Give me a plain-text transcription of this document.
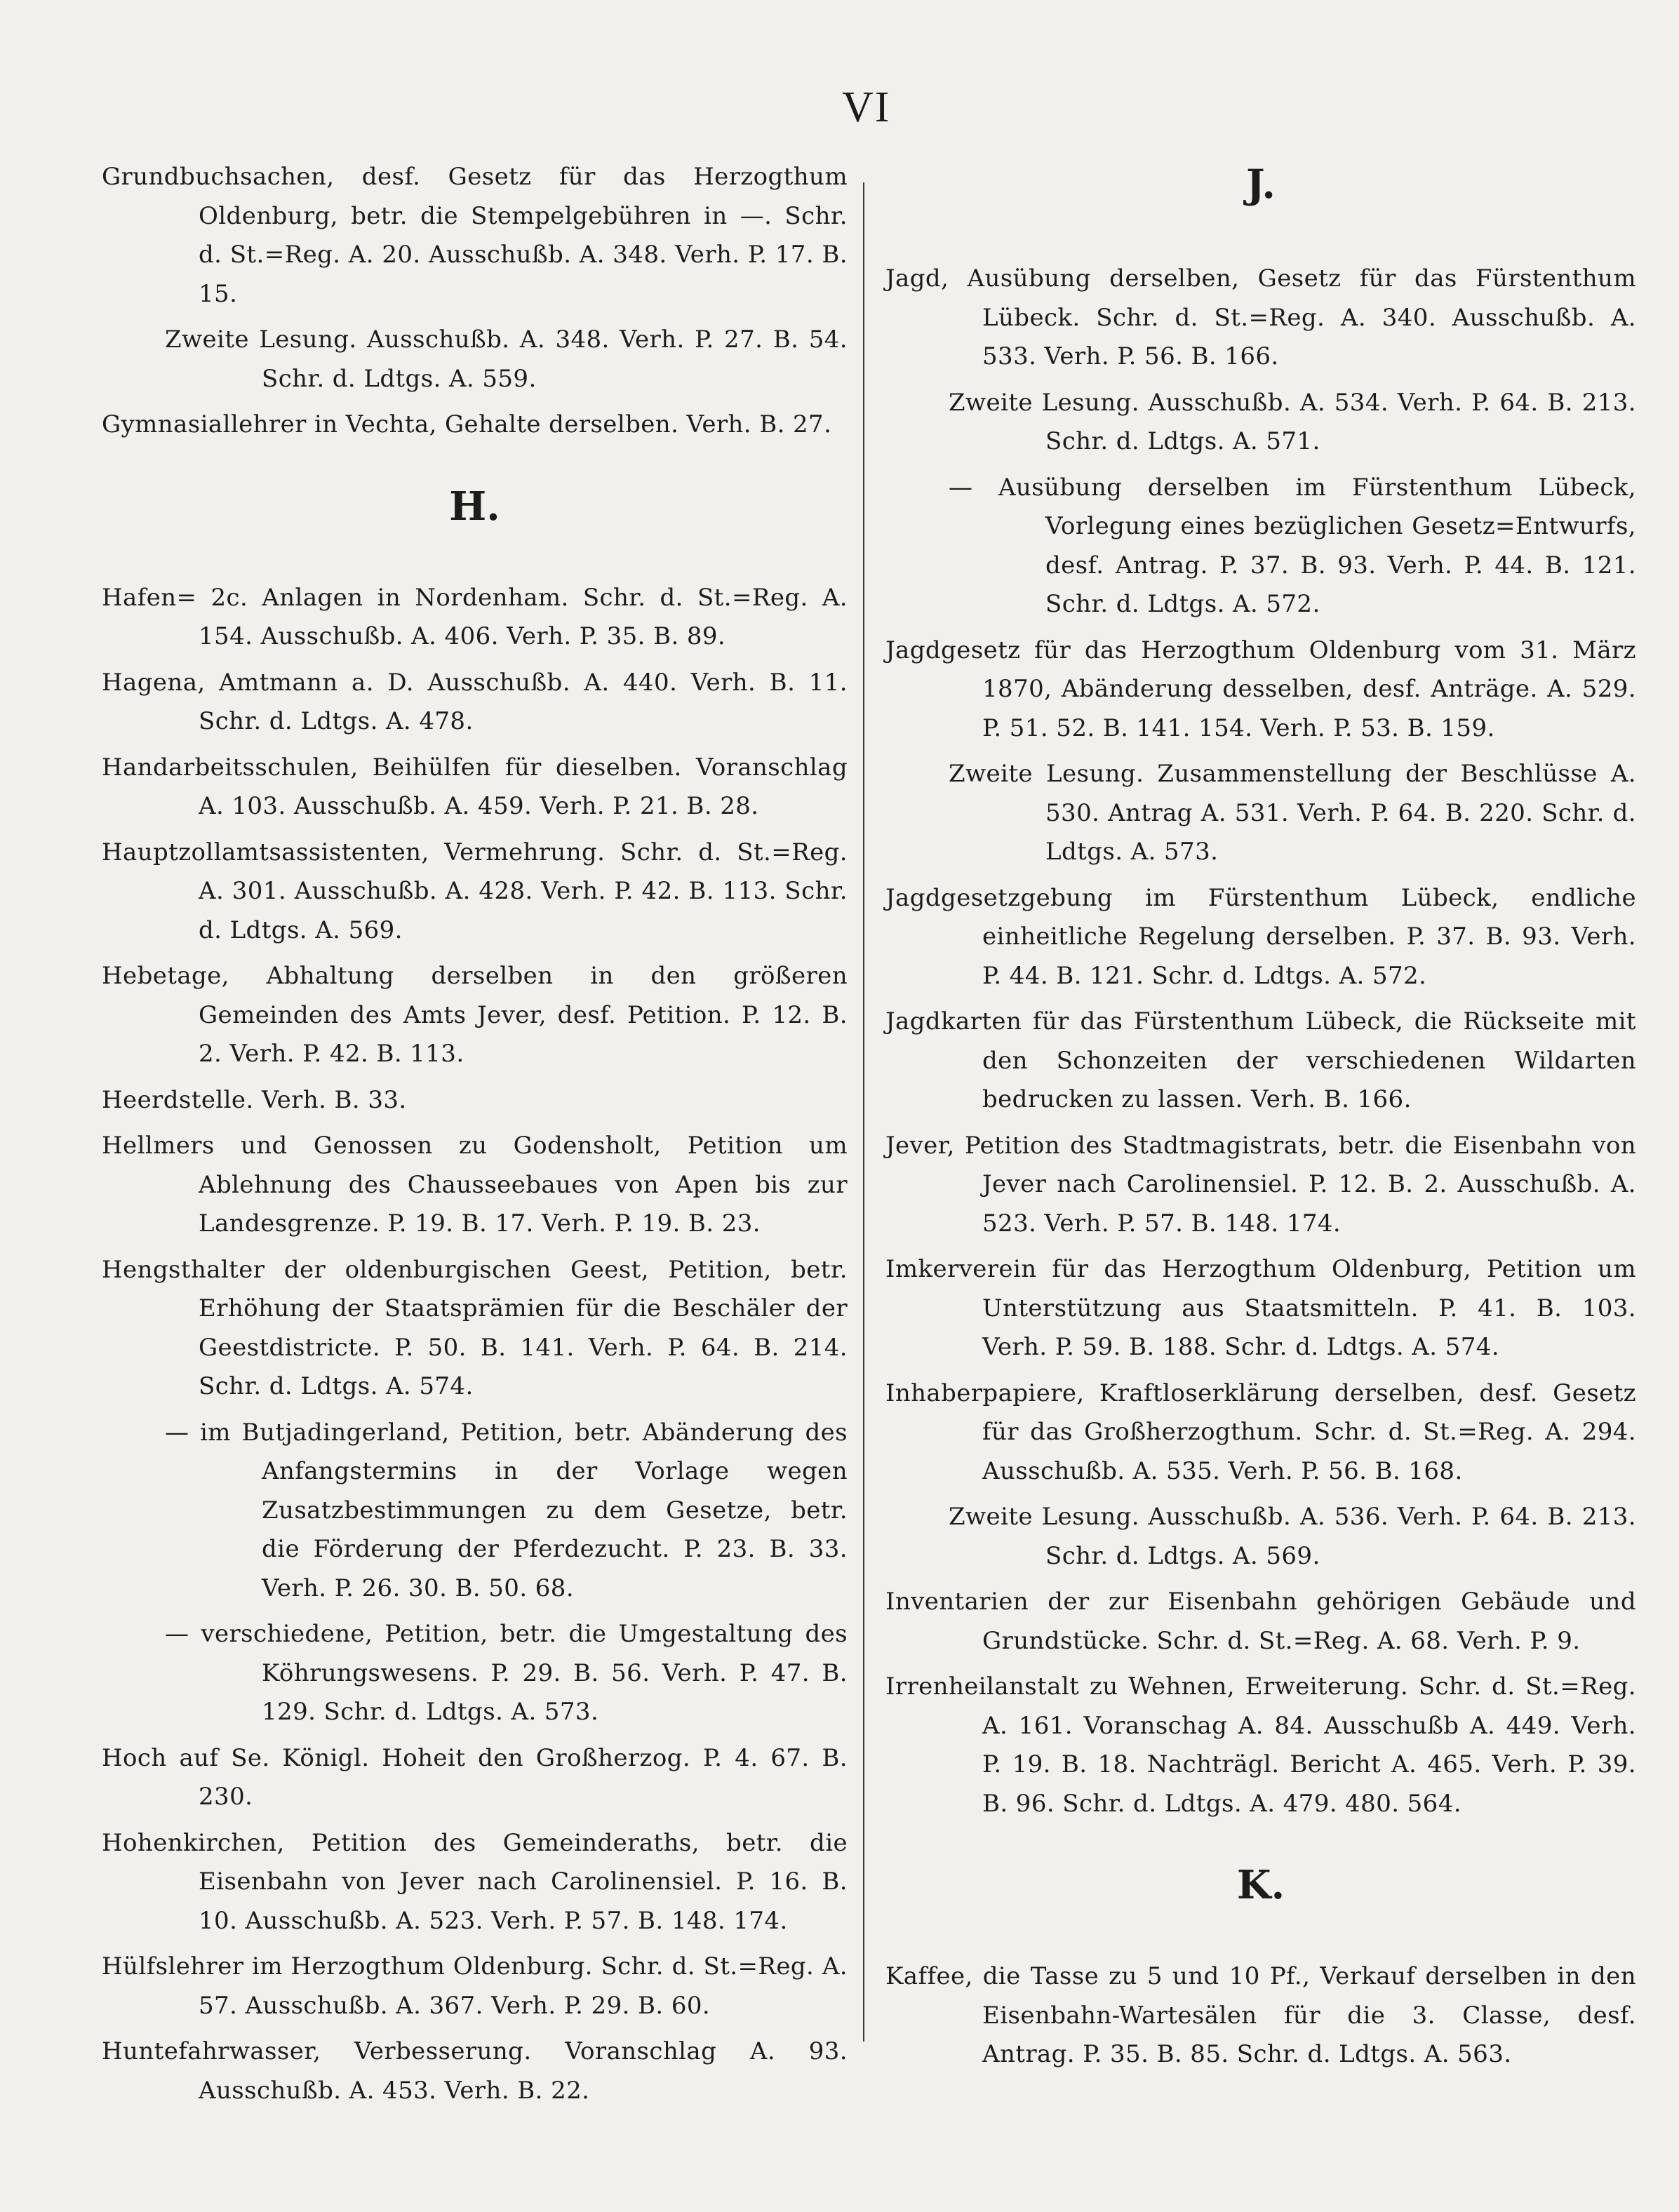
VI

Grundbuchsachen, desf. Gesetz für das Herzogthum Oldenburg, betr. die Stempelgebühren in —. Schr. d. St.=Reg. A. 20. Ausschußb. A. 348. Verh. P. 17. B. 15.

Zweite Lesung. Ausschußb. A. 348. Verh. P. 27. B. 54. Schr. d. Ldtgs. A. 559.

Gymnasiallehrer in Vechta, Gehalte derselben. Verh. B. 27.

H.

Hafen= 2c. Anlagen in Nordenham. Schr. d. St.=Reg. A. 154. Ausschußb. A. 406. Verh. P. 35. B. 89.

Hagena, Amtmann a. D. Ausschußb. A. 440. Verh. B. 11. Schr. d. Ldtgs. A. 478.

Handarbeitsschulen, Beihülfen für dieselben. Voranschlag A. 103. Ausschußb. A. 459. Verh. P. 21. B. 28.

Hauptzollamtsassistenten, Vermehrung. Schr. d. St.=Reg. A. 301. Ausschußb. A. 428. Verh. P. 42. B. 113. Schr. d. Ldtgs. A. 569.

Hebetage, Abhaltung derselben in den größeren Gemeinden des Amts Jever, desf. Petition. P. 12. B. 2. Verh. P. 42. B. 113.

Heerdstelle. Verh. B. 33.

Hellmers und Genossen zu Godensholt, Petition um Ablehnung des Chausseebaues von Apen bis zur Landesgrenze. P. 19. B. 17. Verh. P. 19. B. 23.

Hengsthalter der oldenburgischen Geest, Petition, betr. Erhöhung der Staatsprämien für die Beschäler der Geestdistricte. P. 50. B. 141. Verh. P. 64. B. 214. Schr. d. Ldtgs. A. 574.

— im Butjadingerland, Petition, betr. Abänderung des Anfangstermins in der Vorlage wegen Zusatzbestimmungen zu dem Gesetze, betr. die Förderung der Pferdezucht. P. 23. B. 33. Verh. P. 26. 30. B. 50. 68.

— verschiedene, Petition, betr. die Umgestaltung des Köhrungswesens. P. 29. B. 56. Verh. P. 47. B. 129. Schr. d. Ldtgs. A. 573.

Hoch auf Se. Königl. Hoheit den Großherzog. P. 4. 67. B. 230.

Hohenkirchen, Petition des Gemeinderaths, betr. die Eisenbahn von Jever nach Carolinensiel. P. 16. B. 10. Ausschußb. A. 523. Verh. P. 57. B. 148. 174.

Hülfslehrer im Herzogthum Oldenburg. Schr. d. St.=Reg. A. 57. Ausschußb. A. 367. Verh. P. 29. B. 60.

Huntefahrwasser, Verbesserung. Voranschlag A. 93. Ausschußb. A. 453. Verh. B. 22.

J.

Jagd, Ausübung derselben, Gesetz für das Fürstenthum Lübeck. Schr. d. St.=Reg. A. 340. Ausschußb. A. 533. Verh. P. 56. B. 166.

Zweite Lesung. Ausschußb. A. 534. Verh. P. 64. B. 213. Schr. d. Ldtgs. A. 571.

— Ausübung derselben im Fürstenthum Lübeck, Vorlegung eines bezüglichen Gesetz=Entwurfs, desf. Antrag. P. 37. B. 93. Verh. P. 44. B. 121. Schr. d. Ldtgs. A. 572.

Jagdgesetz für das Herzogthum Oldenburg vom 31. März 1870, Abänderung desselben, desf. Anträge. A. 529. P. 51. 52. B. 141. 154. Verh. P. 53. B. 159.

Zweite Lesung. Zusammenstellung der Beschlüsse A. 530. Antrag A. 531. Verh. P. 64. B. 220. Schr. d. Ldtgs. A. 573.

Jagdgesetzgebung im Fürstenthum Lübeck, endliche einheitliche Regelung derselben. P. 37. B. 93. Verh. P. 44. B. 121. Schr. d. Ldtgs. A. 572.

Jagdkarten für das Fürstenthum Lübeck, die Rückseite mit den Schonzeiten der verschiedenen Wildarten bedrucken zu lassen. Verh. B. 166.

Jever, Petition des Stadtmagistrats, betr. die Eisenbahn von Jever nach Carolinensiel. P. 12. B. 2. Ausschußb. A. 523. Verh. P. 57. B. 148. 174.

Imkerverein für das Herzogthum Oldenburg, Petition um Unterstützung aus Staatsmitteln. P. 41. B. 103. Verh. P. 59. B. 188. Schr. d. Ldtgs. A. 574.

Inhaberpapiere, Kraftloserklärung derselben, desf. Gesetz für das Großherzogthum. Schr. d. St.=Reg. A. 294. Ausschußb. A. 535. Verh. P. 56. B. 168.

Zweite Lesung. Ausschußb. A. 536. Verh. P. 64. B. 213. Schr. d. Ldtgs. A. 569.

Inventarien der zur Eisenbahn gehörigen Gebäude und Grundstücke. Schr. d. St.=Reg. A. 68. Verh. P. 9.

Irrenheilanstalt zu Wehnen, Erweiterung. Schr. d. St.=Reg. A. 161. Voranschag A. 84. Ausschußb A. 449. Verh. P. 19. B. 18. Nachträgl. Bericht A. 465. Verh. P. 39. B. 96. Schr. d. Ldtgs. A. 479. 480. 564.

K.

Kaffee, die Tasse zu 5 und 10 Pf., Verkauf derselben in den Eisenbahn-Wartesälen für die 3. Classe, desf. Antrag. P. 35. B. 85. Schr. d. Ldtgs. A. 563.
